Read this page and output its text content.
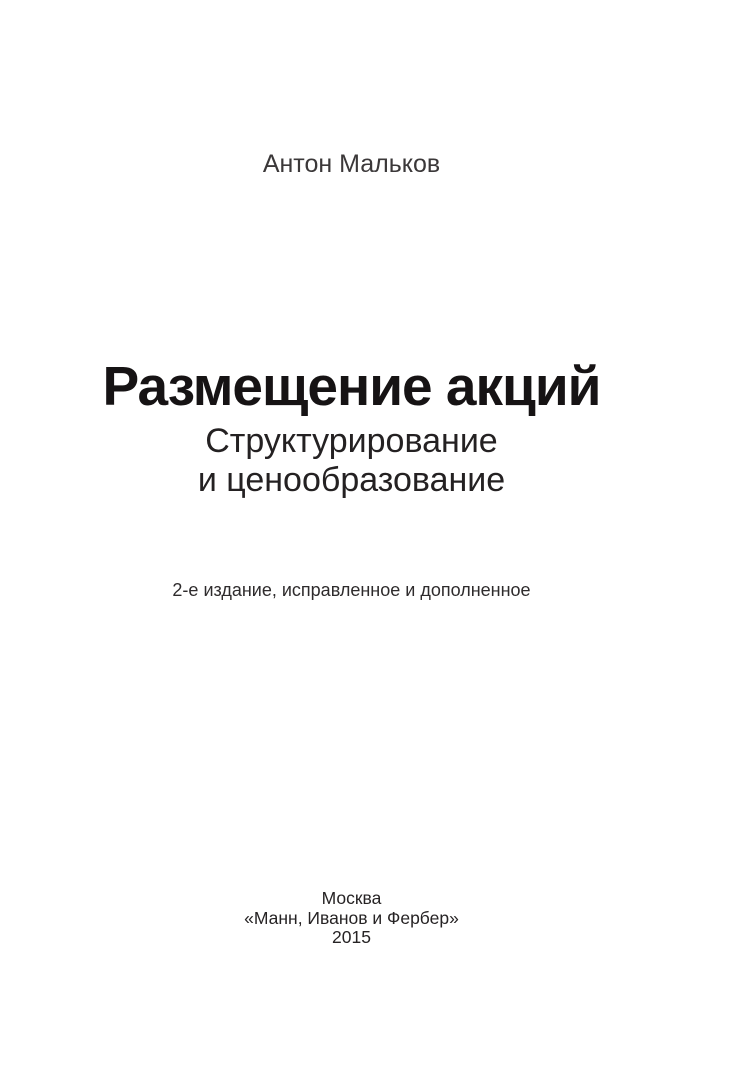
Антон Мальков
Размещение акций
Структурирование
и ценообразование
2-е издание, исправленное и дополненное
Москва
«Манн, Иванов и Фербер»
2015
